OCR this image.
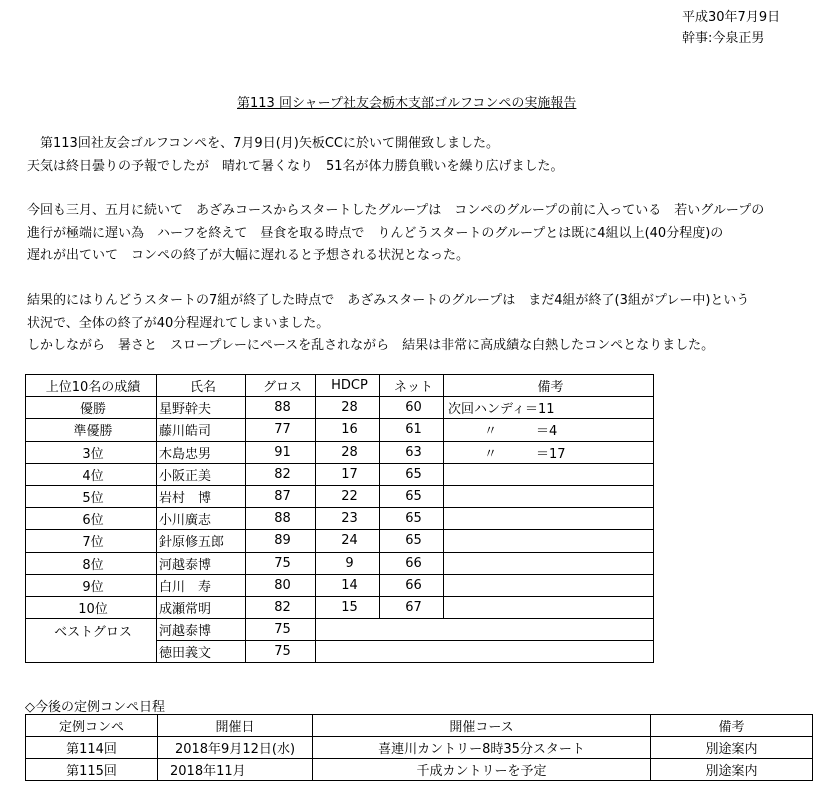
平成30年7月9日
幹事:今泉正男
第113 回シャープ社友会栃木支部ゴルフコンペの実施報告
　第113回社友会ゴルフコンペを、7月9日(月)矢板CCに於いて開催致しました。
天気は終日曇りの予報でしたが　晴れて暑くなり　51名が体力勝負戦いを繰り広げました。
今回も三月、五月に続いて　あざみコースからスタートしたグループは　コンペのグループの前に入っている　若いグループの
進行が極端に遅い為　ハーフを終えて　昼食を取る時点で　りんどうスタートのグループとは既に4組以上(40分程度)の
遅れが出ていて　コンペの終了が大幅に遅れると予想される状況となった。
結果的にはりんどうスタートの7組が終了した時点で　あざみスタートのグループは　まだ4組が終了(3組がプレー中)という
状況で、全体の終了が40分程遅れてしまいました。
しかしながら　暑さと　スロープレーにペースを乱されながら　結果は非常に高成績な白熱したコンペとなりました。
上位10名の成績	氏名	グロス	HDCP	ネット	備考
優勝	星野幹夫	88	28	60	次回ハンディ＝11
準優勝	藤川皓司	77	16	61	〃　　　＝4
3位	木島忠男	91	28	63	〃　　　＝17
4位	小阪正美	82	17	65	
5位	岩村　博	87	22	65	
6位	小川廣志	88	23	65	
7位	針原修五郎	89	24	65	
8位	河越泰博	75	9	66	
9位	白川　寿	80	14	66	
10位	成瀬常明	82	15	67	
ベストグロス	河越泰博	75			
	徳田義文	75			
◇今後の定例コンペ日程
定例コンペ	開催日	開催コース	備考
第114回	2018年9月12日(水)	喜連川カントリー8時35分スタート	別途案内
第115回	2018年11月	千成カントリーを予定	別途案内
